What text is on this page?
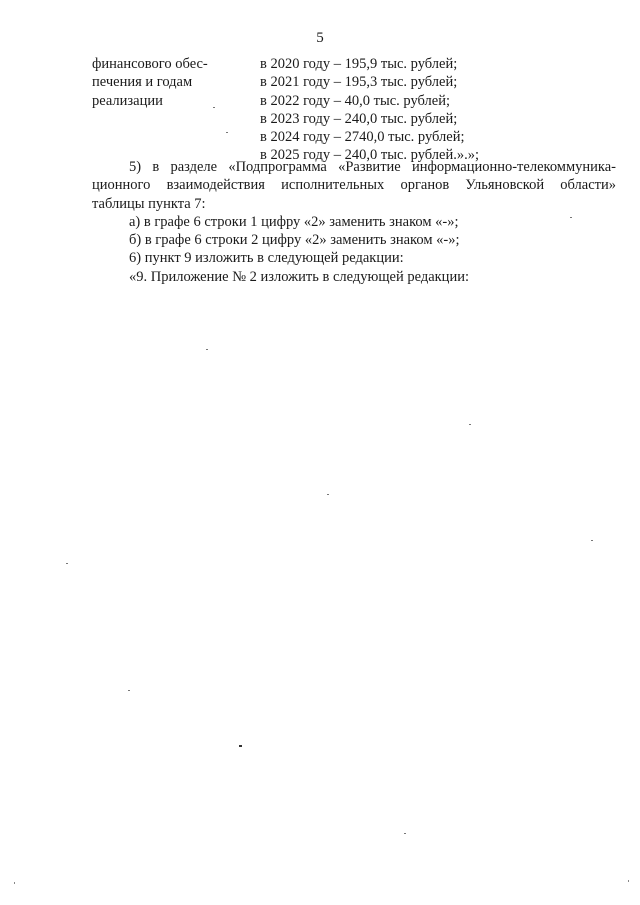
5
финансового обес-
печения и годам
реализации
в 2020 году – 195,9 тыс. рублей;
в 2021 году – 195,3 тыс. рублей;
в 2022 году – 40,0 тыс. рублей;
в 2023 году – 240,0 тыс. рублей;
в 2024 году – 2740,0 тыс. рублей;
в 2025 году – 240,0 тыс. рублей.».»;
5) в разделе «Подпрограмма «Развитие информационно-телекоммуника-
ционного взаимодействия исполнительных органов Ульяновской области»
таблицы пункта 7:
а) в графе 6 строки 1 цифру «2» заменить знаком «-»;
б) в графе 6 строки 2 цифру «2» заменить знаком «-»;
6) пункт 9 изложить в следующей редакции:
«9. Приложение № 2 изложить в следующей редакции:
